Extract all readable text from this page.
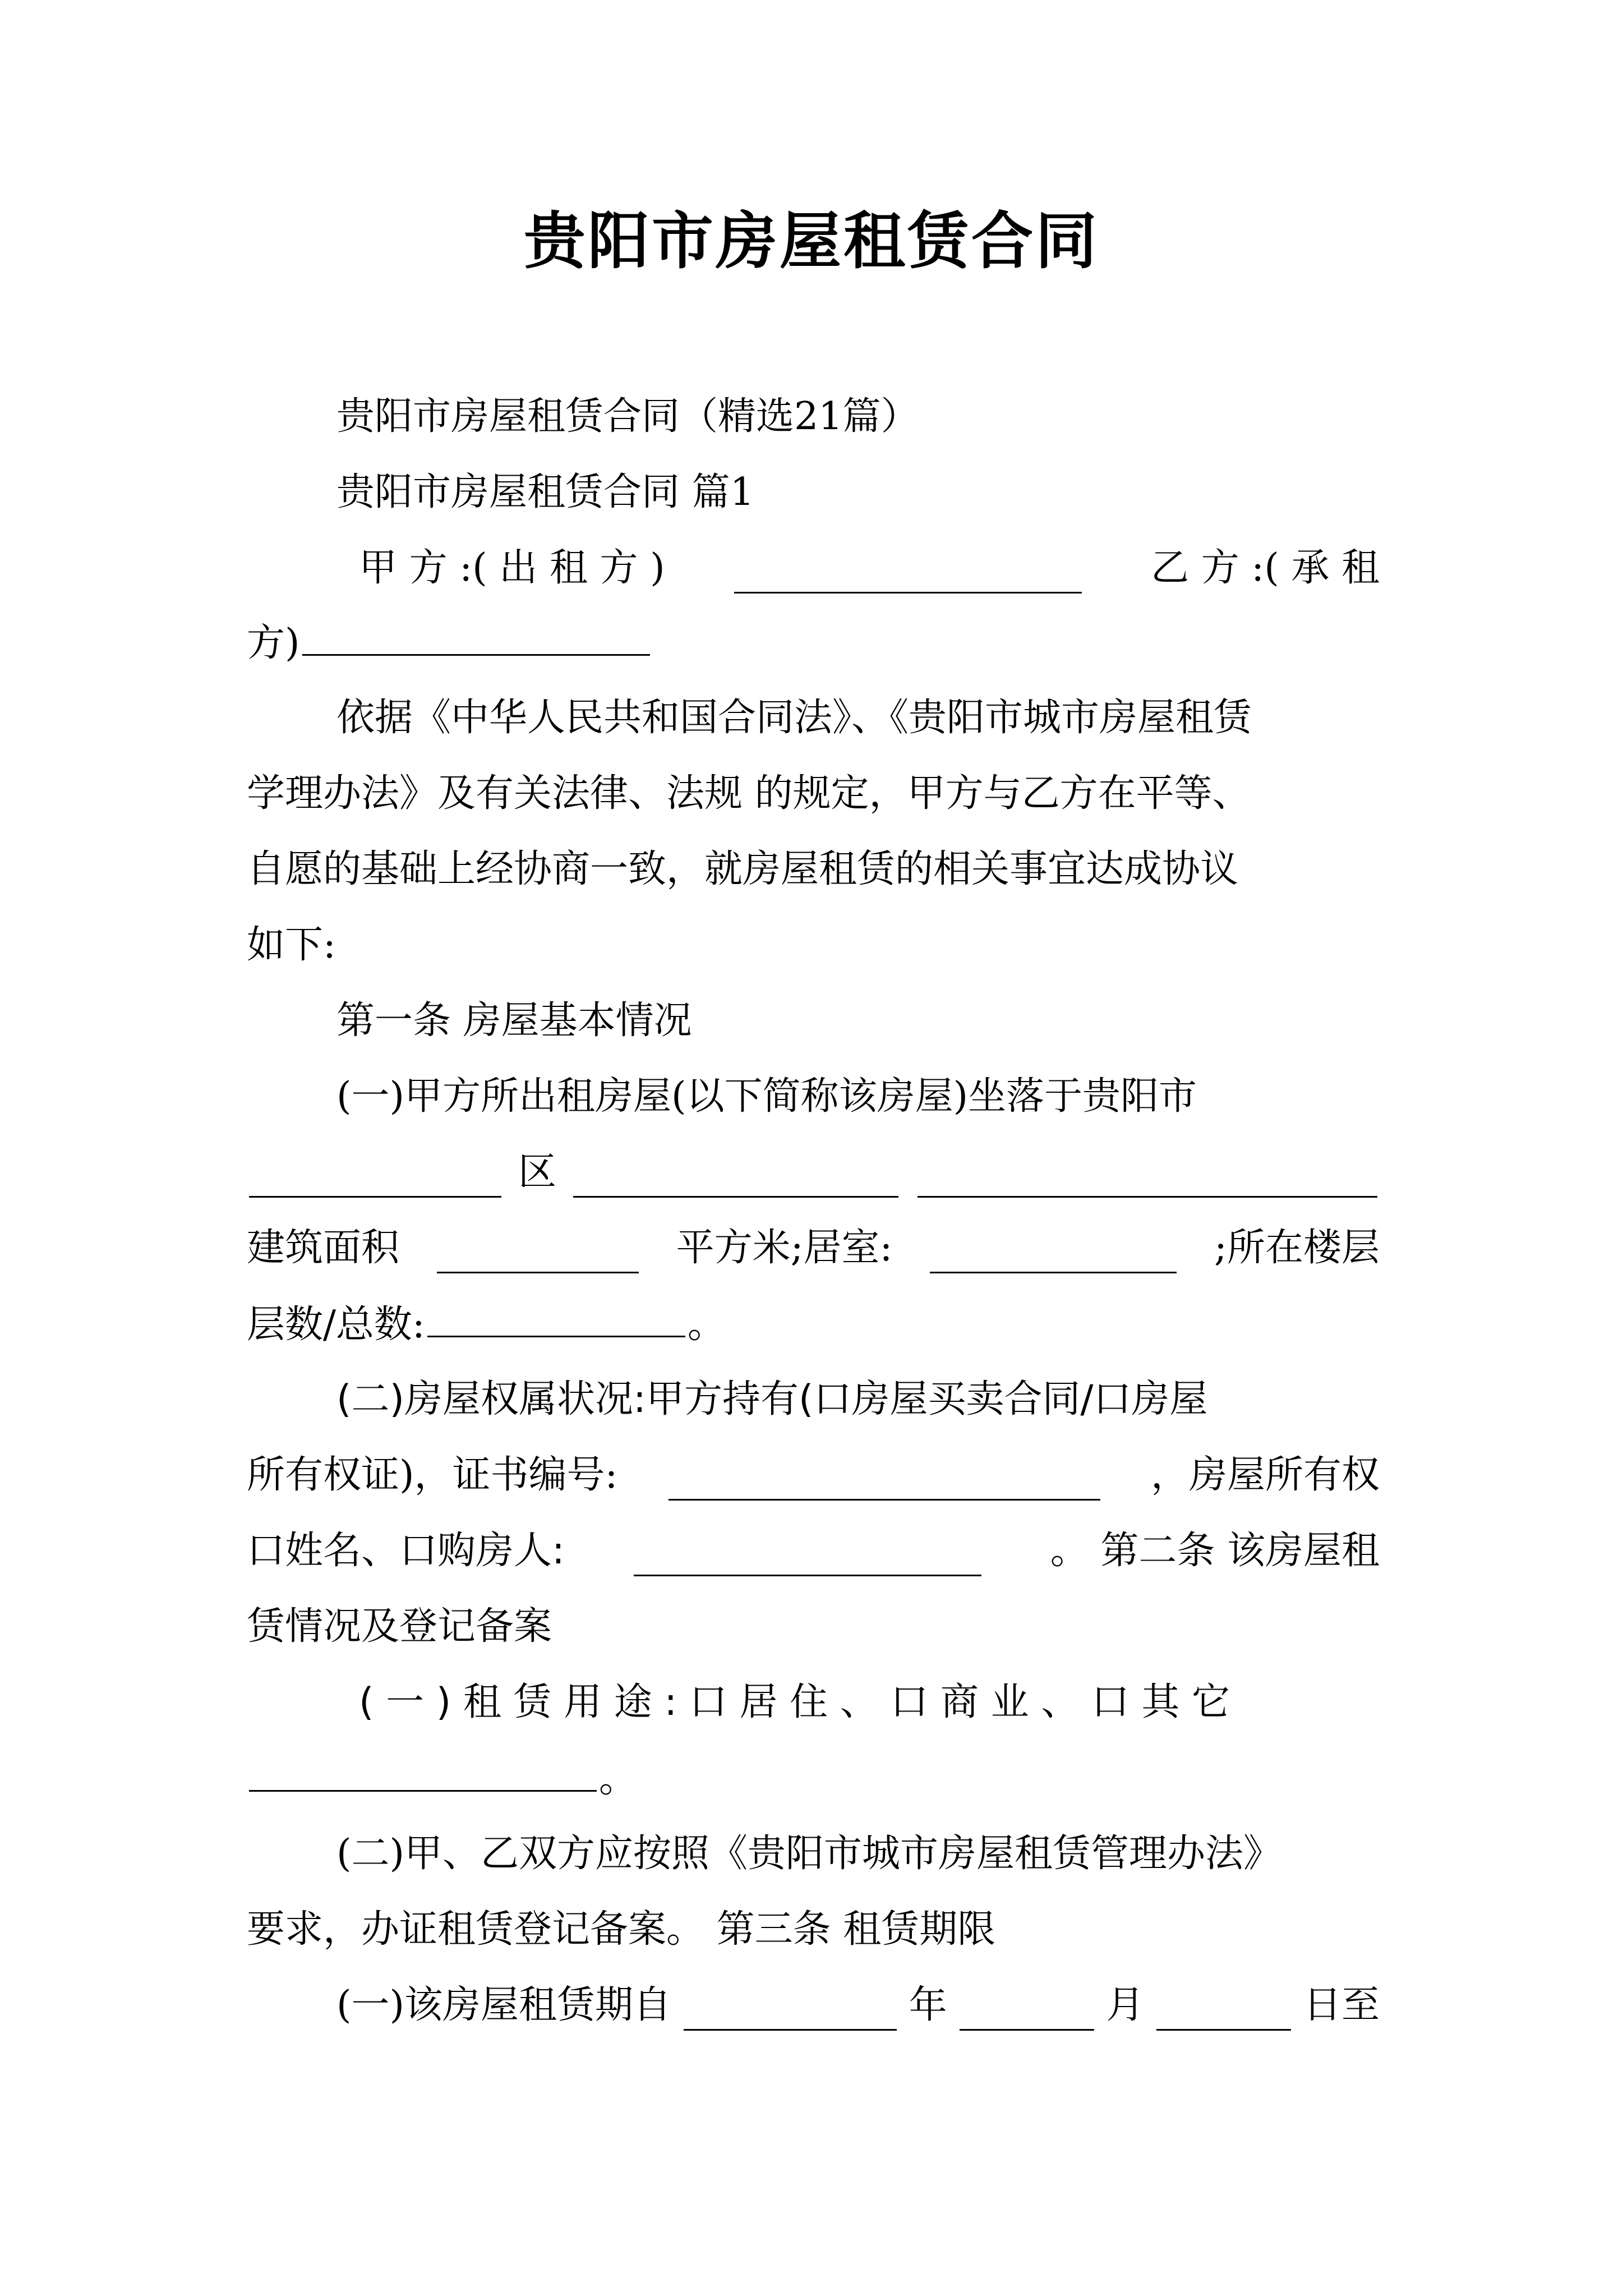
贵阳市房屋租赁合同
贵阳市房屋租赁合同（精选21篇）
贵阳市房屋租赁合同 篇1
甲 方 :( 出 租 方 )	乙 方 :( 承 租
方)
依据《中华人民共和国合同法》、《贵阳市城市房屋租赁
学理办法》及有关法律、法规 的规定，甲方与乙方在平等、
自愿的基础上经协商一致，就房屋租赁的相关事宜达成协议
如下:
第一条 房屋基本情况
(一)甲方所出租房屋(以下简称该房屋)坐落于贵阳市
区
建筑面积	平方米;居室:	;所在楼层
层数/总数:	。
(二)房屋权属状况:甲方持有(口房屋买卖合同/口房屋
所有权证)，证书编号:	，房屋所有权
口姓名、口购房人:	。 第二条 该房屋租
赁情况及登记备案
( 一 ) 租 赁 用 途 : 口 居 住 、 口 商 业 、 口 其 它
。
(二)甲、乙双方应按照《贵阳市城市房屋租赁管理办法》
要求，办证租赁登记备案。 第三条 租赁期限
(一)该房屋租赁期自	年	月	日至
